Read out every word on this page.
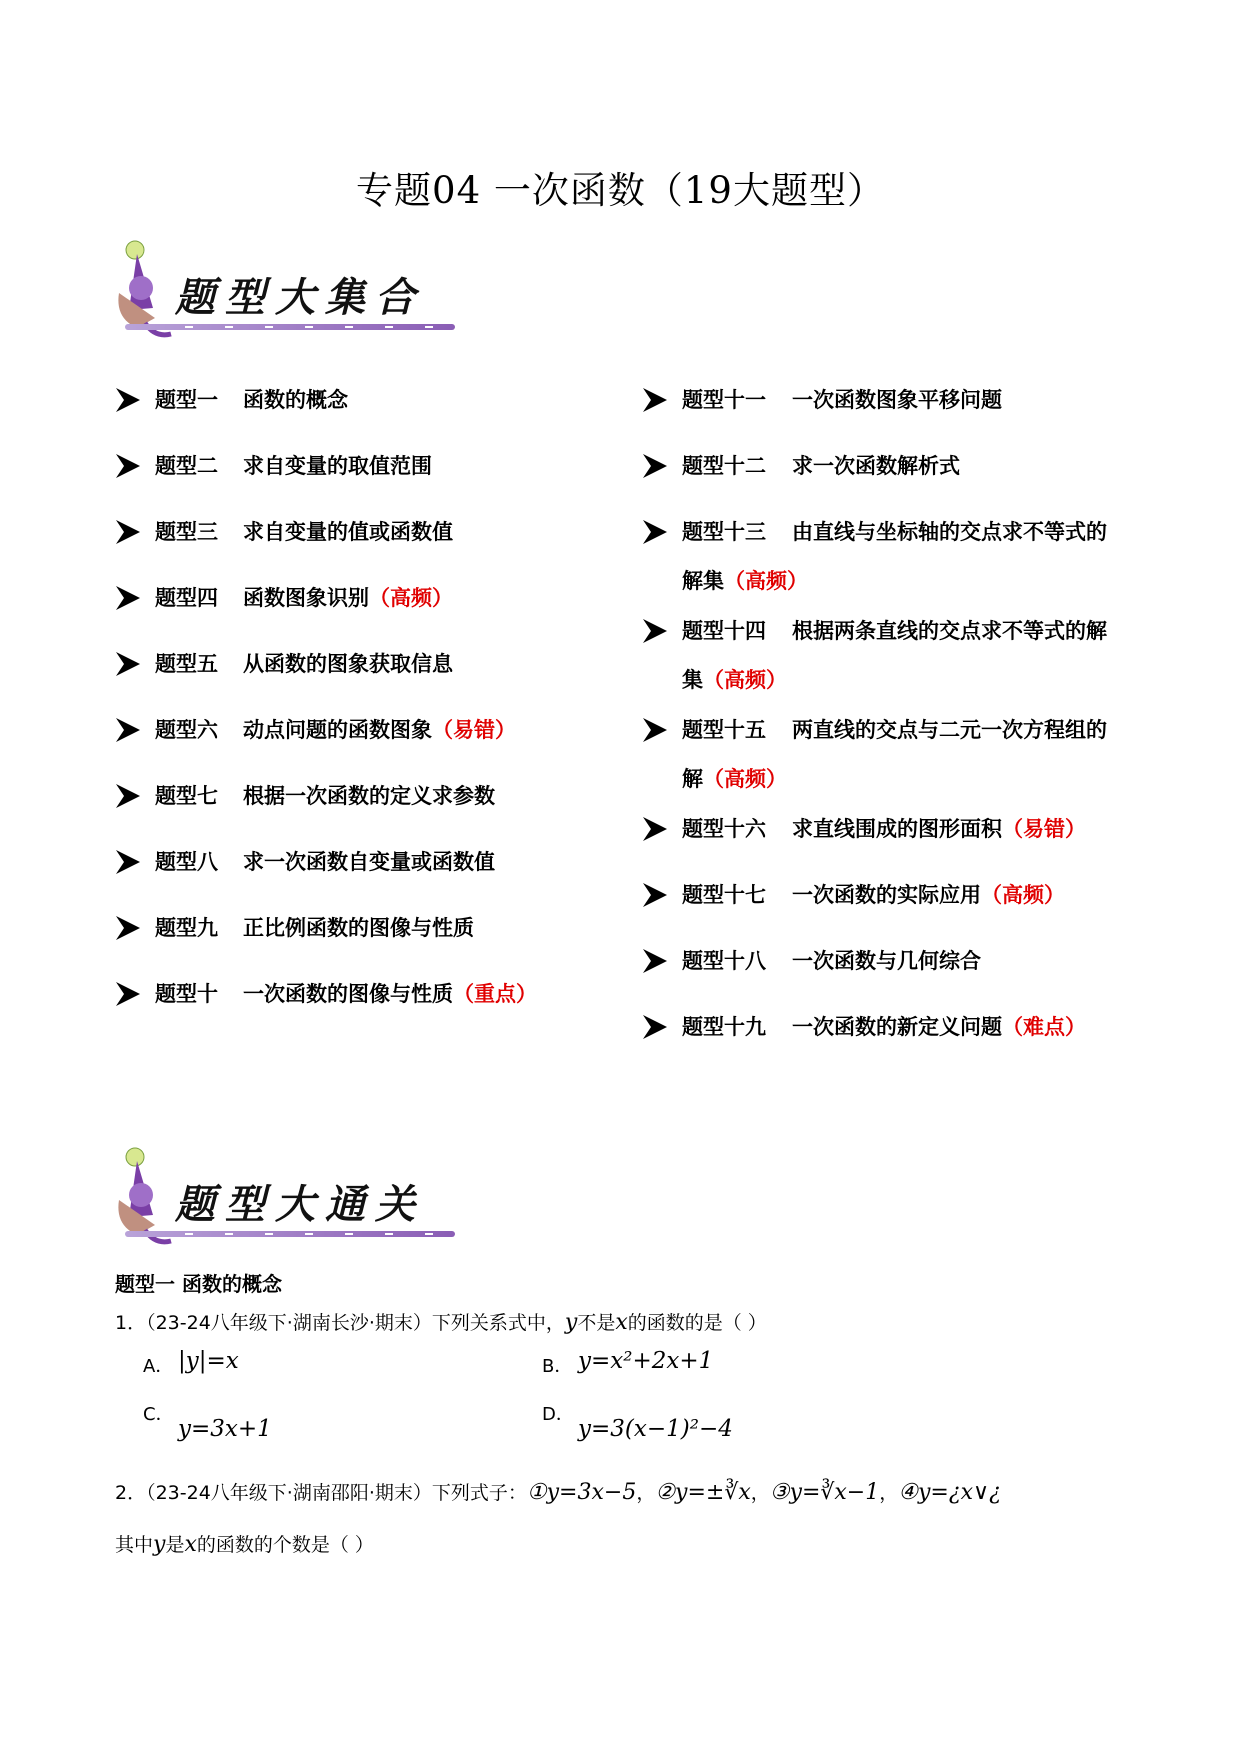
专题04 一次函数（19大题型）
题型大集合
题型一 函数的概念
题型二 求自变量的取值范围
题型三 求自变量的值或函数值
题型四 函数图象识别（高频）
题型五 从函数的图象获取信息
题型六 动点问题的函数图象（易错）
题型七 根据一次函数的定义求参数
题型八 求一次函数自变量或函数值
题型九 正比例函数的图像与性质
题型十 一次函数的图像与性质（重点）
题型十一 一次函数图象平移问题
题型十二 求一次函数解析式
题型十三 由直线与坐标轴的交点求不等式的
解集（高频）
题型十四 根据两条直线的交点求不等式的解
集（高频）
题型十五 两直线的交点与二元一次方程组的
解（高频）
题型十六 求直线围成的图形面积（易错）
题型十七 一次函数的实际应用（高频）
题型十八 一次函数与几何综合
题型十九 一次函数的新定义问题（难点）
题型大通关
题型一 函数的概念
1．（23-24八年级下·湖南长沙·期末）下列关系式中，y不是x的函数的是（ ）
A． |y|=x	B． y=x²+2x+1
C．
y=3x+1
D．
y=3(x−1)²−4
2．（23-24八年级下·湖南邵阳·期末）下列式子：①y=3x−5，②y=±∛x，③y=∛x−1，④y=¿x∨¿
其中y是x的函数的个数是（ ）
